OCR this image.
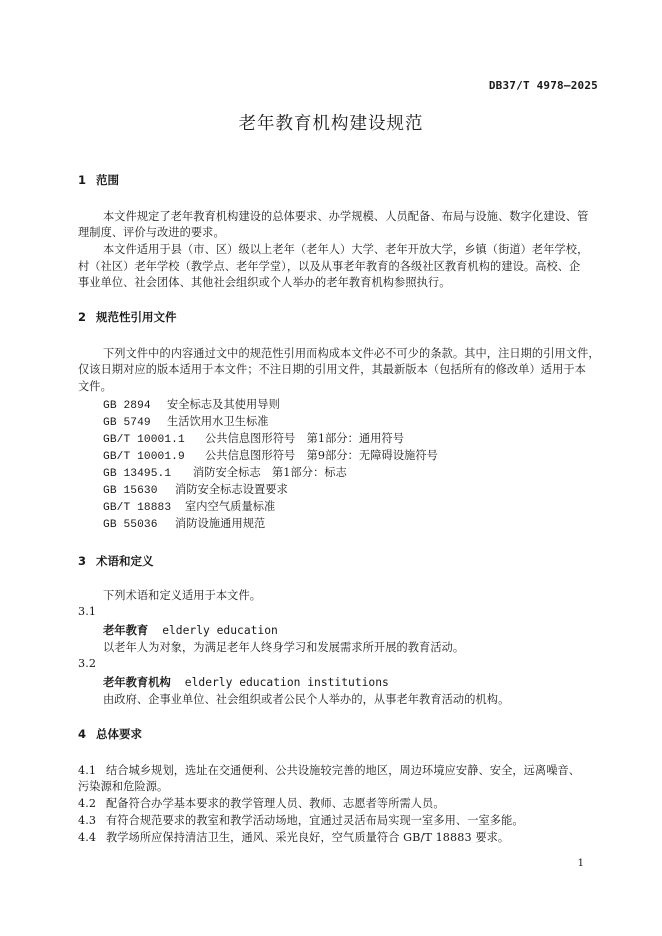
DB37/T 4978—2025
老年教育机构建设规范
1 范围
本文件规定了老年教育机构建设的总体要求、办学规模、人员配备、布局与设施、数字化建设、管
理制度、评价与改进的要求。
本文件适用于县（市、区）级以上老年（老年人）大学、老年开放大学，乡镇（街道）老年学校，
村（社区）老年学校（教学点、老年学堂），以及从事老年教育的各级社区教育机构的建设。高校、企
事业单位、社会团体、其他社会组织或个人举办的老年教育机构参照执行。
2 规范性引用文件
下列文件中的内容通过文中的规范性引用而构成本文件必不可少的条款。其中，注日期的引用文件，
仅该日期对应的版本适用于本文件；不注日期的引用文件，其最新版本（包括所有的修改单）适用于本
文件。
GB 2894 安全标志及其使用导则
GB 5749 生活饮用水卫生标准
GB/T 10001.1 公共信息图形符号　第1部分：通用符号
GB/T 10001.9 公共信息图形符号　第9部分：无障碍设施符号
GB 13495.1 消防安全标志　第1部分：标志
GB 15630 消防安全标志设置要求
GB/T 18883 室内空气质量标准
GB 55036 消防设施通用规范
3 术语和定义
下列术语和定义适用于本文件。
3.1
老年教育 elderly education
以老年人为对象，为满足老年人终身学习和发展需求所开展的教育活动。
3.2
老年教育机构 elderly education institutions
由政府、企事业单位、社会组织或者公民个人举办的，从事老年教育活动的机构。
4 总体要求
4.1 结合城乡规划，选址在交通便利、公共设施较完善的地区，周边环境应安静、安全，远离噪音、
污染源和危险源。
4.2 配备符合办学基本要求的教学管理人员、教师、志愿者等所需人员。
4.3 有符合规范要求的教室和教学活动场地，宜通过灵活布局实现一室多用、一室多能。
4.4 教学场所应保持清洁卫生，通风、采光良好，空气质量符合 GB/T 18883 要求。
1
